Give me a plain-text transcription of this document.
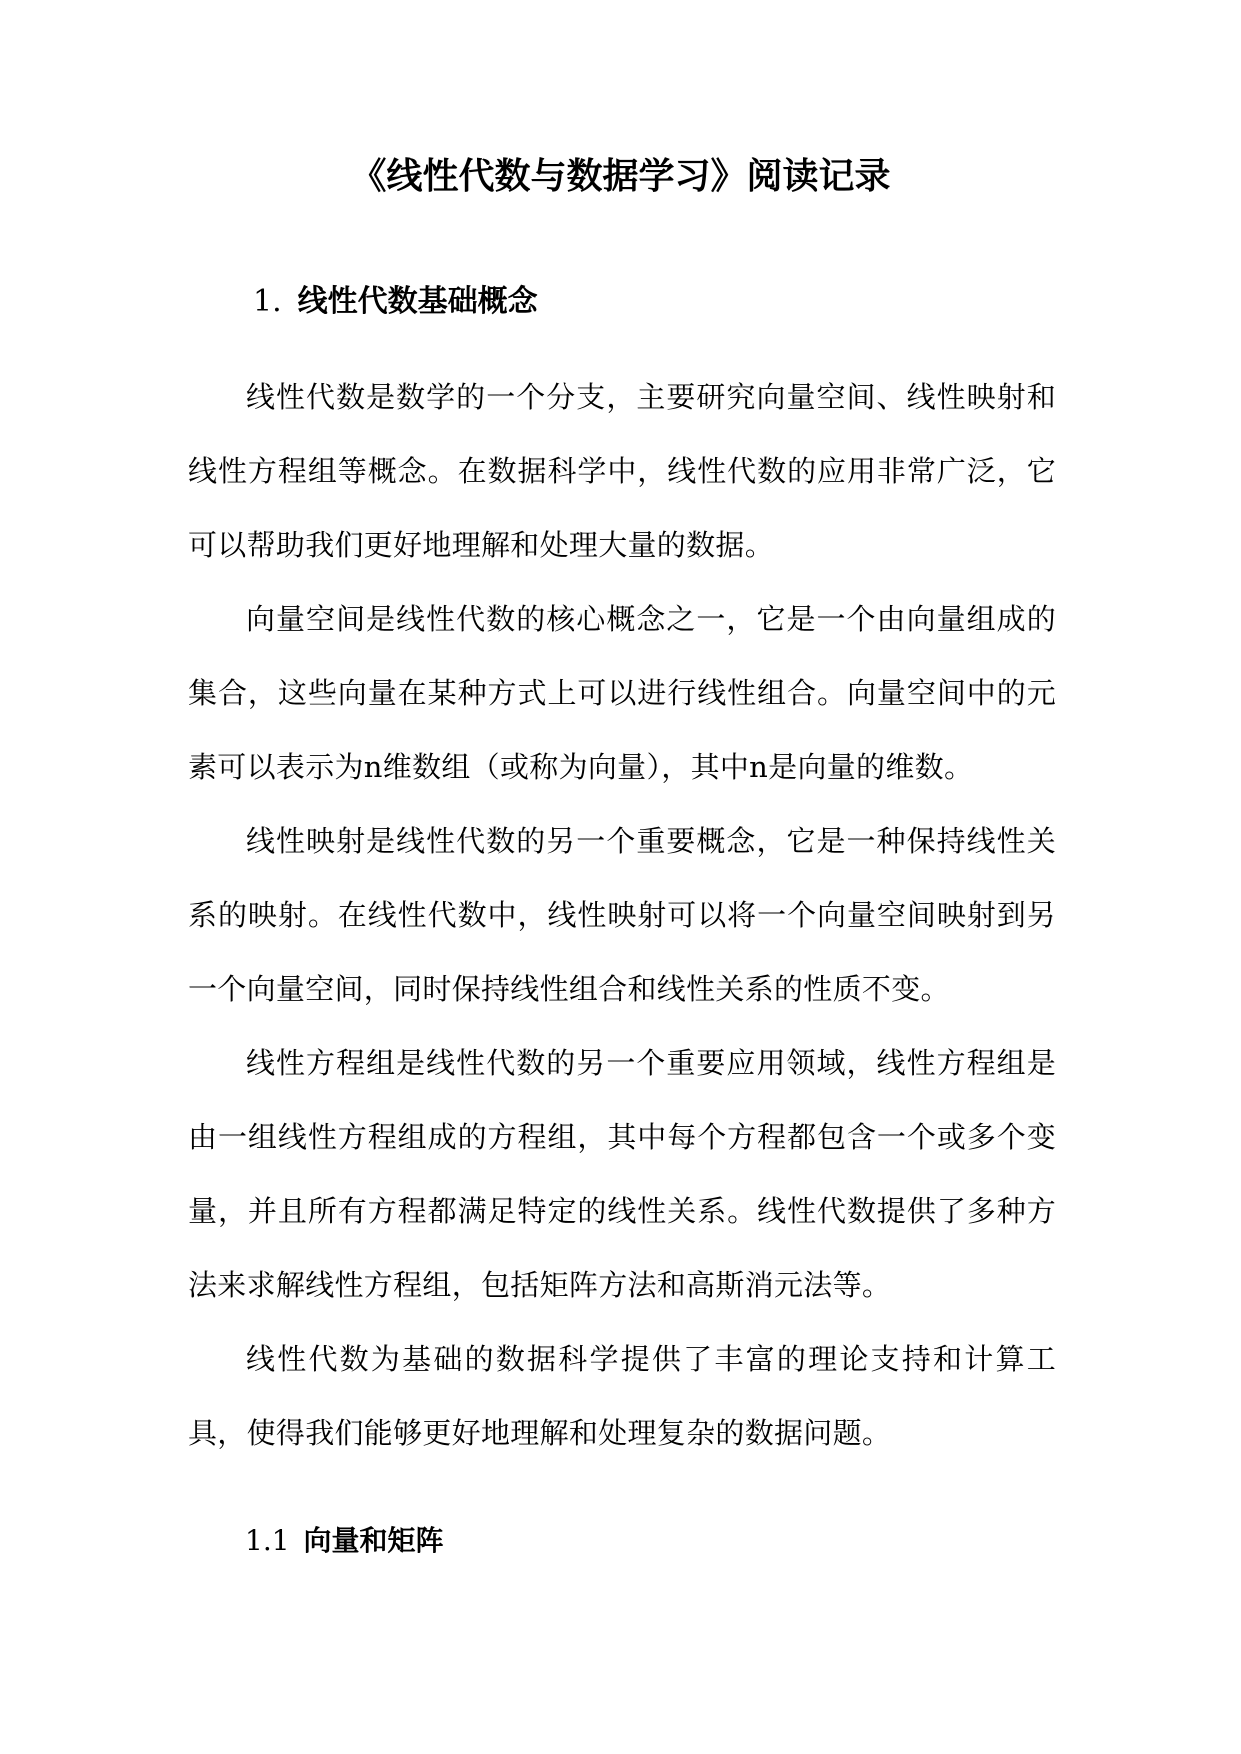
《线性代数与数据学习》阅读记录
1. 线性代数基础概念

线性代数是数学的一个分支，主要研究向量空间、线性映射和线性方程组等概念。在数据科学中，线性代数的应用非常广泛，它可以帮助我们更好地理解和处理大量的数据。

向量空间是线性代数的核心概念之一，它是一个由向量组成的集合，这些向量在某种方式上可以进行线性组合。向量空间中的元素可以表示为n维数组（或称为向量），其中n是向量的维数。

线性映射是线性代数的另一个重要概念，它是一种保持线性关系的映射。在线性代数中，线性映射可以将一个向量空间映射到另一个向量空间，同时保持线性组合和线性关系的性质不变。

线性方程组是线性代数的另一个重要应用领域，线性方程组是由一组线性方程组成的方程组，其中每个方程都包含一个或多个变量，并且所有方程都满足特定的线性关系。线性代数提供了多种方法来求解线性方程组，包括矩阵方法和高斯消元法等。

线性代数为基础的数据科学提供了丰富的理论支持和计算工具，使得我们能够更好地理解和处理复杂的数据问题。

1.1 向量和矩阵
